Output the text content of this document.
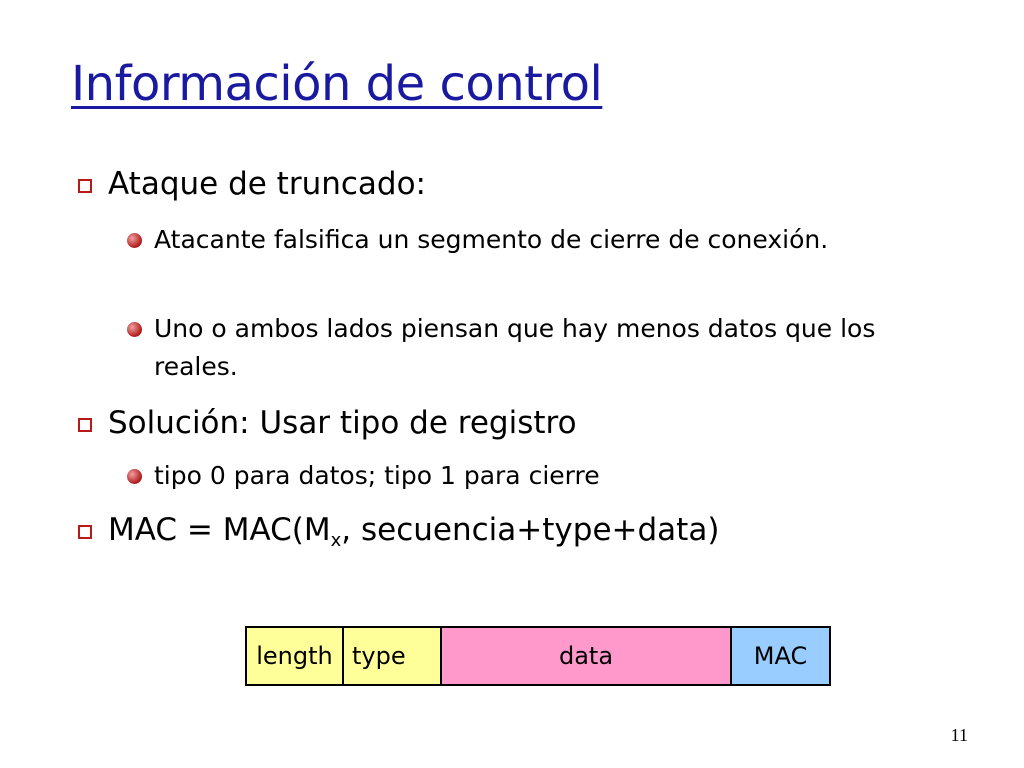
Información de control
Ataque de truncado:
Atacante falsifica un segmento de cierre de conexión.
Uno o ambos lados piensan que hay menos datos que los reales.
Solución: Usar tipo de registro
tipo 0 para datos; tipo 1 para cierre
MAC = $MAC(M_x$, secuencia+type+data)
length type	data	MAC
11
